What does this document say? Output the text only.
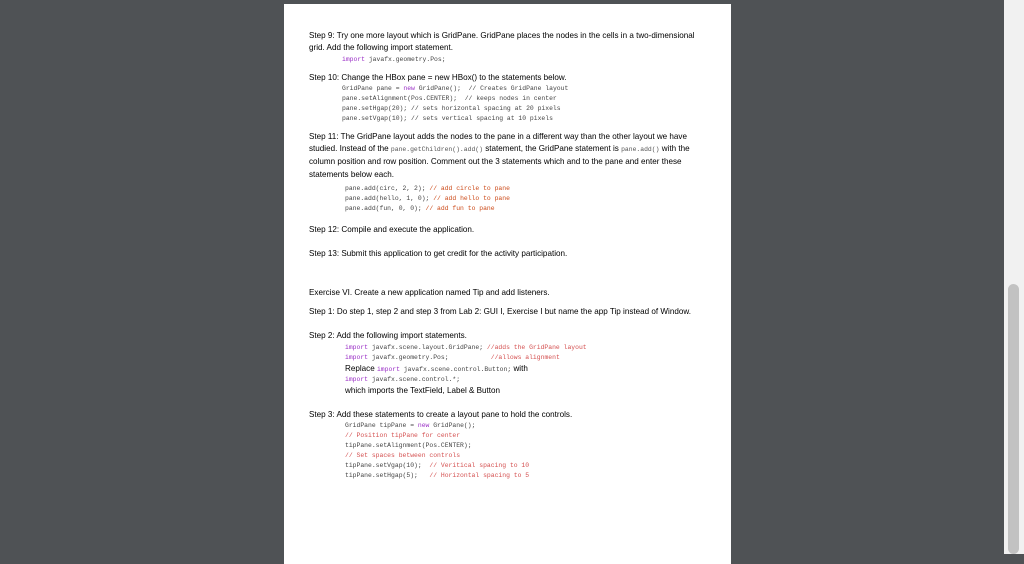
Step 9: Try one more layout which is GridPane. GridPane places the nodes in the cells in a two-dimensional grid. Add the following import statement.

import javafx.geometry.Pos;

Step 10: Change the HBox pane = new HBox() to the statements below.

GridPane pane = new GridPane();  // Creates GridPane layout
pane.setAlignment(Pos.CENTER);  // keeps nodes in center
pane.setHgap(20); // sets horizontal spacing at 20 pixels
pane.setVgap(10); // sets vertical spacing at 10 pixels

Step 11: The GridPane layout adds the nodes to the pane in a different way than the other layout we have studied. Instead of the pane.getChildren().add() statement, the GridPane statement is pane.add() with the column position and row position. Comment out the 3 statements which and to the pane and enter these statements below each.

pane.add(circ, 2, 2); // add circle to pane
pane.add(hello, 1, 0); // add hello to pane
pane.add(fun, 0, 0); // add fun to pane

Step 12: Compile and execute the application.

Step 13: Submit this application to get credit for the activity participation.

Exercise VI. Create a new application named Tip and add listeners.

Step 1: Do step 1, step 2 and step 3 from Lab 2: GUI I, Exercise I but name the app Tip instead of Window.

Step 2: Add the following import statements.

import javafx.scene.layout.GridPane; //adds the GridPane layout
import javafx.geometry.Pos;           //allows alignment
Replace import javafx.scene.control.Button; with
import javafx.scene.control.*;

which imports the TextField, Label & Button

Step 3: Add these statements to create a layout pane to hold the controls.

GridPane tipPane = new GridPane();
// Position tipPane for center
tipPane.setAlignment(Pos.CENTER);
// Set spaces between controls
tipPane.setVgap(10);  // Veritical spacing to 10
tipPane.setHgap(5);   // Horizontal spacing to 5
